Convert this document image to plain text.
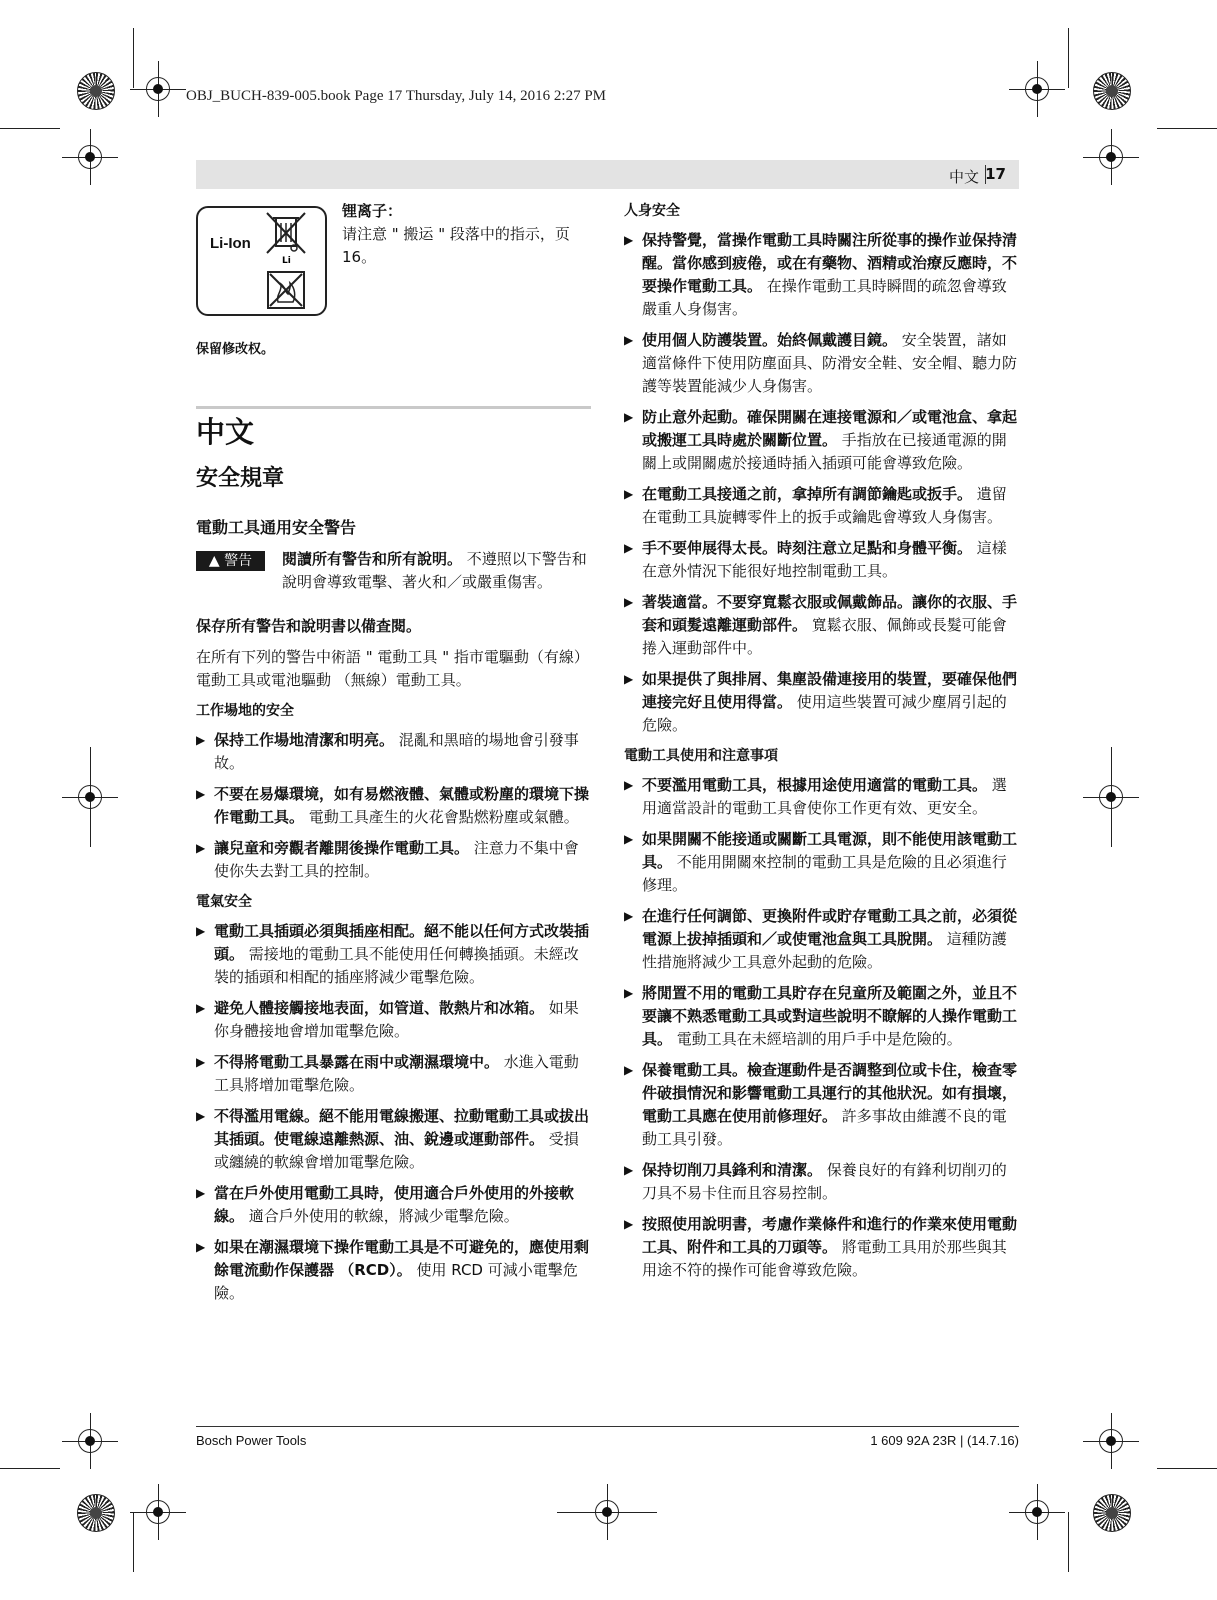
OBJ_BUCH-839-005.book Page 17 Thursday, July 14, 2016 2:27 PM
中文 17
Li-Ion
Li
锂离子：
请注意 " 搬运 " 段落中的指示，页 16。
保留修改权。
中文
安全規章
電動工具通用安全警告
▲ 警告	閱讀所有警告和所有說明。 不遵照以下警告和說明會導致電擊、著火和／或嚴重傷害。

保存所有警告和說明書以備查閱。

在所有下列的警告中術語 " 電動工具 " 指市電驅動（有線）電動工具或電池驅動 （無線）電動工具。

工作場地的安全
▶ 保持工作場地清潔和明亮。 混亂和黑暗的場地會引發事故。
▶ 不要在易爆環境，如有易燃液體、氣體或粉塵的環境下操作電動工具。 電動工具產生的火花會點燃粉塵或氣體。
▶ 讓兒童和旁觀者離開後操作電動工具。 注意力不集中會使你失去對工具的控制。
電氣安全
▶ 電動工具插頭必須與插座相配。絕不能以任何方式改裝插頭。 需接地的電動工具不能使用任何轉換插頭。未經改裝的插頭和相配的插座將減少電擊危險。
▶ 避免人體接觸接地表面，如管道、散熱片和冰箱。 如果你身體接地會增加電擊危險。
▶ 不得將電動工具暴露在雨中或潮濕環境中。 水進入電動工具將增加電擊危險。
▶ 不得濫用電線。絕不能用電線搬運、拉動電動工具或拔出其插頭。使電線遠離熱源、油、銳邊或運動部件。 受損或纏繞的軟線會增加電擊危險。
▶ 當在戶外使用電動工具時，使用適合戶外使用的外接軟線。 適合戶外使用的軟線，將減少電擊危險。
▶ 如果在潮濕環境下操作電動工具是不可避免的，應使用剩餘電流動作保護器 （RCD）。 使用 RCD 可減小電擊危險。
人身安全
▶ 保持警覺，當操作電動工具時關注所從事的操作並保持清醒。當你感到疲倦，或在有藥物、酒精或治療反應時，不要操作電動工具。 在操作電動工具時瞬間的疏忽會導致嚴重人身傷害。
▶ 使用個人防護裝置。始終佩戴護目鏡。 安全裝置，諸如適當條件下使用防塵面具、防滑安全鞋、安全帽、聽力防護等裝置能減少人身傷害。
▶ 防止意外起動。確保開關在連接電源和／或電池盒、拿起或搬運工具時處於關斷位置。 手指放在已接通電源的開關上或開關處於接通時插入插頭可能會導致危險。
▶ 在電動工具接通之前，拿掉所有調節鑰匙或扳手。 遺留在電動工具旋轉零件上的扳手或鑰匙會導致人身傷害。
▶ 手不要伸展得太長。時刻注意立足點和身體平衡。 這樣在意外情況下能很好地控制電動工具。
▶ 著裝適當。不要穿寬鬆衣服或佩戴飾品。讓你的衣服、手套和頭髮遠離運動部件。 寬鬆衣服、佩飾或長髮可能會捲入運動部件中。
▶ 如果提供了與排屑、集塵設備連接用的裝置，要確保他們連接完好且使用得當。 使用這些裝置可減少塵屑引起的危險。
電動工具使用和注意事項
▶ 不要濫用電動工具，根據用途使用適當的電動工具。 選用適當設計的電動工具會使你工作更有效、更安全。
▶ 如果開關不能接通或關斷工具電源，則不能使用該電動工具。 不能用開關來控制的電動工具是危險的且必須進行修理。
▶ 在進行任何調節、更換附件或貯存電動工具之前，必須從電源上拔掉插頭和／或使電池盒與工具脫開。 這種防護性措施將減少工具意外起動的危險。
▶ 將閒置不用的電動工具貯存在兒童所及範圍之外，並且不要讓不熟悉電動工具或對這些說明不瞭解的人操作電動工具。 電動工具在未經培訓的用戶手中是危險的。
▶ 保養電動工具。檢查運動件是否調整到位或卡住，檢查零件破損情況和影響電動工具運行的其他狀況。如有損壞，電動工具應在使用前修理好。 許多事故由維護不良的電動工具引發。
▶ 保持切削刀具鋒利和清潔。 保養良好的有鋒利切削刃的刀具不易卡住而且容易控制。
▶ 按照使用說明書，考慮作業條件和進行的作業來使用電動工具、附件和工具的刀頭等。 將電動工具用於那些與其用途不符的操作可能會導致危險。
Bosch Power Tools	1 609 92A 23R | (14.7.16)
